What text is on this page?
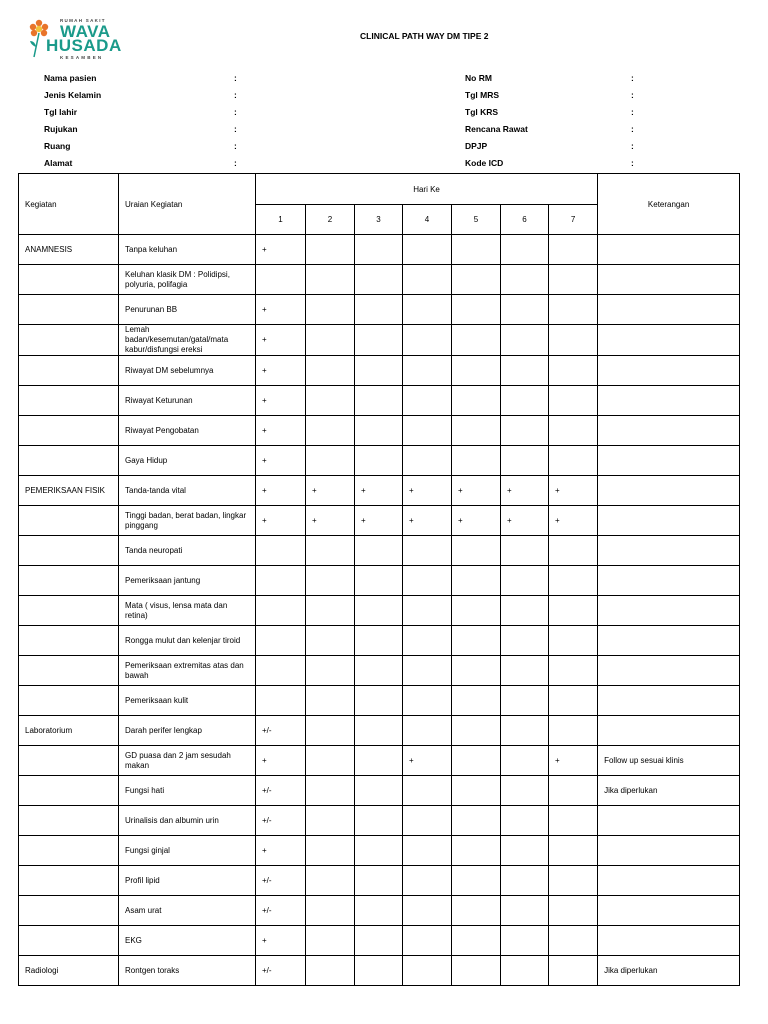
RUMAH SAKIT
WAVA
HUSADA
KESAMBEN
CLINICAL PATH WAY DM TIPE 2
Nama pasien	:
Jenis Kelamin	:
Tgl lahir	:
Rujukan	:
Ruang	:
Alamat	:
No RM	:
Tgl MRS	:
Tgl KRS	:
Rencana Rawat	:
DPJP	:
Kode ICD	:
Kegiatan	Uraian Kegiatan	Hari Ke							Keterangan
		1	2	3	4	5	6	7	
ANAMNESIS	Tanpa keluhan	+							
	Keluhan klasik DM : Polidipsi, polyuria, polifagia								
	Penurunan BB	+							
	Lemah badan/kesemutan/gatal/mata kabur/disfungsi ereksi	+							
	Riwayat DM sebelumnya	+							
	Riwayat Keturunan	+							
	Riwayat Pengobatan	+							
	Gaya Hidup	+							
PEMERIKSAAN FISIK	Tanda-tanda vital	+	+	+	+	+	+	+	
	Tinggi badan, berat badan, lingkar pinggang	+	+	+	+	+	+	+	
	Tanda neuropati								
	Pemeriksaan jantung								
	Mata ( visus, lensa mata dan retina)								
	Rongga mulut dan kelenjar tiroid								
	Pemeriksaan extremitas atas dan bawah								
	Pemeriksaan kulit								
Laboratorium	Darah perifer lengkap	+/-							
	GD puasa dan 2 jam sesudah makan	+			+			+	Follow up sesuai klinis
	Fungsi hati	+/-							Jika diperlukan
	Urinalisis dan albumin urin	+/-							
	Fungsi ginjal	+							
	Profil lipid	+/-							
	Asam urat	+/-							
	EKG	+							
Radiologi	Rontgen toraks	+/-							Jika diperlukan
